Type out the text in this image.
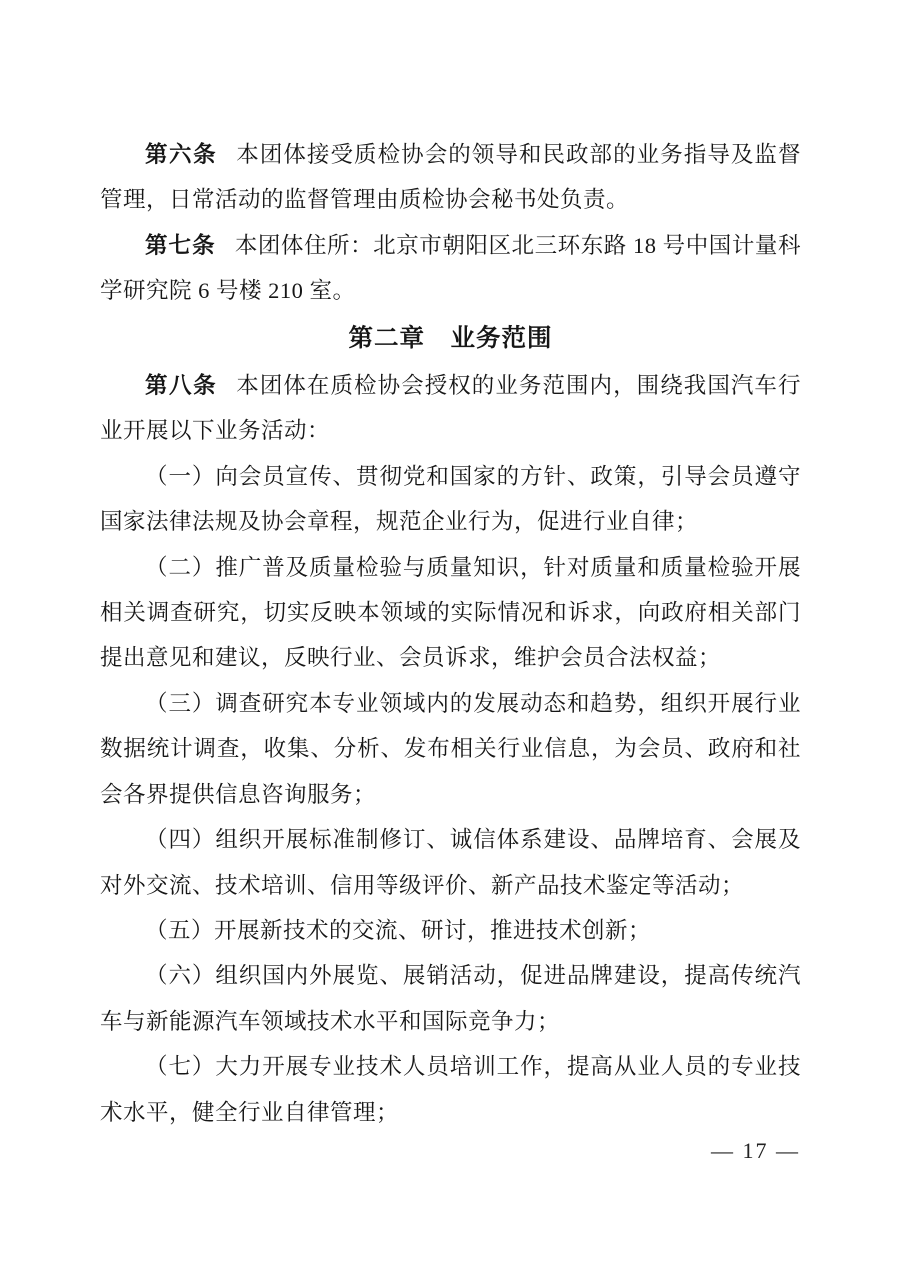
第六条 本团体接受质检协会的领导和民政部的业务指导及监督管理，日常活动的监督管理由质检协会秘书处负责。

第七条 本团体住所：北京市朝阳区北三环东路 18 号中国计量科学研究院 6 号楼 210 室。

第二章　业务范围

第八条 本团体在质检协会授权的业务范围内，围绕我国汽车行业开展以下业务活动：

（一）向会员宣传、贯彻党和国家的方针、政策，引导会员遵守国家法律法规及协会章程，规范企业行为，促进行业自律；

（二）推广普及质量检验与质量知识，针对质量和质量检验开展相关调查研究，切实反映本领域的实际情况和诉求，向政府相关部门提出意见和建议，反映行业、会员诉求，维护会员合法权益；

（三）调查研究本专业领域内的发展动态和趋势，组织开展行业数据统计调查，收集、分析、发布相关行业信息，为会员、政府和社会各界提供信息咨询服务；

（四）组织开展标准制修订、诚信体系建设、品牌培育、会展及对外交流、技术培训、信用等级评价、新产品技术鉴定等活动；

（五）开展新技术的交流、研讨，推进技术创新；

（六）组织国内外展览、展销活动，促进品牌建设，提高传统汽车与新能源汽车领域技术水平和国际竞争力；

（七）大力开展专业技术人员培训工作，提高从业人员的专业技术水平，健全行业自律管理；

— 17 —
